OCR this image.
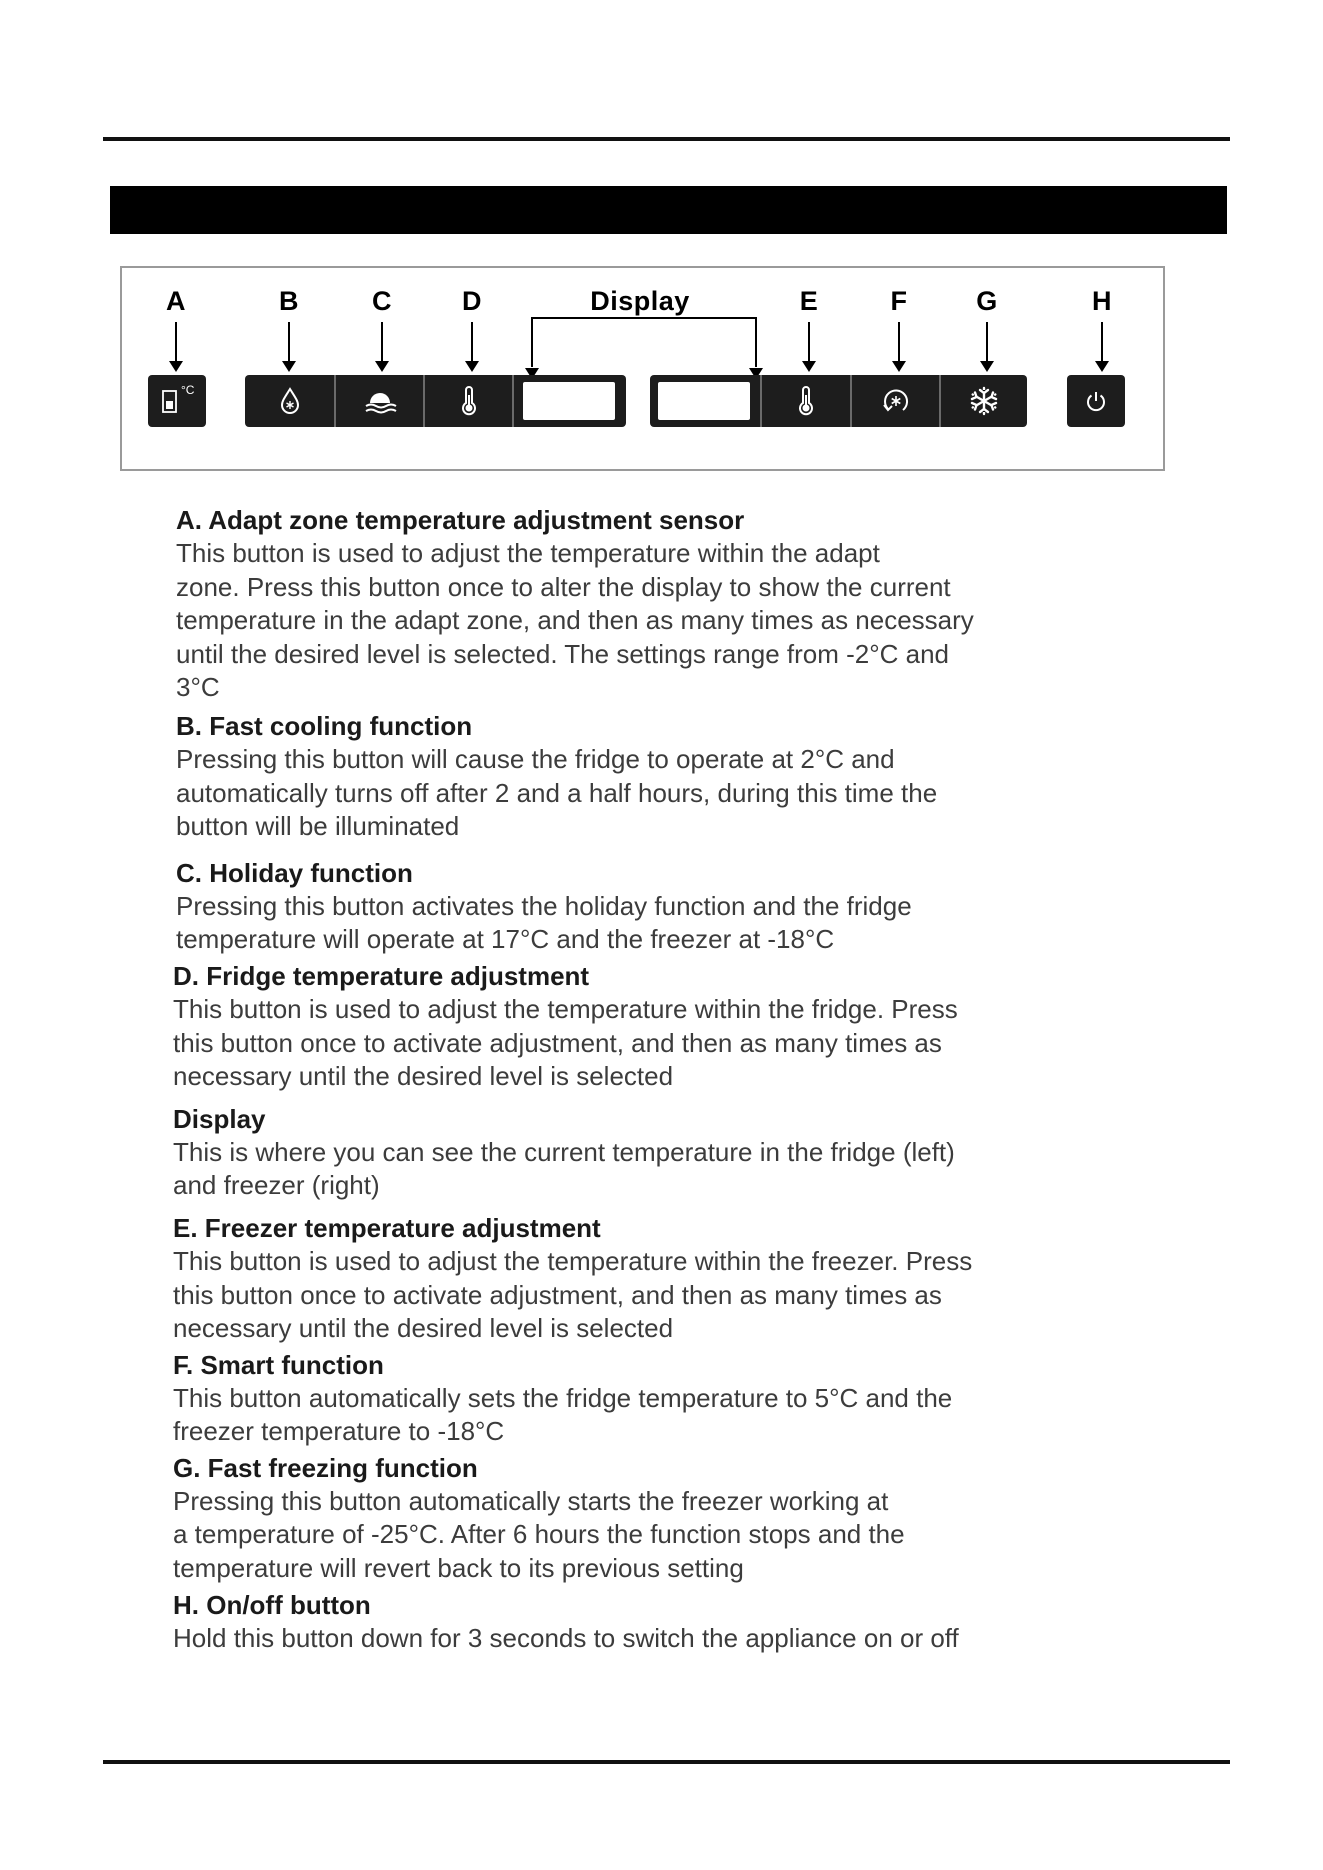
A	B	C	D	Display	E	F	G	H
°C
A. Adapt zone temperature adjustment sensor
This button is used to adjust the temperature within the adapt
zone. Press this button once to alter the display to show the current
temperature in the adapt zone, and then as many times as necessary
until the desired level is selected. The settings range from -2°C and
3°C
B. Fast cooling function
Pressing this button will cause the fridge to operate at 2°C and
automatically turns off after 2 and a half hours, during this time the
button will be illuminated
C. Holiday function
Pressing this button activates the holiday function and the fridge
temperature will operate at 17°C and the freezer at -18°C
D. Fridge temperature adjustment
This button is used to adjust the temperature within the fridge. Press
this button once to activate adjustment, and then as many times as
necessary until the desired level is selected
Display
This is where you can see the current temperature in the fridge (left)
and freezer (right)
E. Freezer temperature adjustment
This button is used to adjust the temperature within the freezer. Press
this button once to activate adjustment, and then as many times as
necessary until the desired level is selected
F. Smart function
This button automatically sets the fridge temperature to 5°C and the
freezer temperature to -18°C
G. Fast freezing function
Pressing this button automatically starts the freezer working at
a temperature of -25°C. After 6 hours the function stops and the
temperature will revert back to its previous setting
H. On/off button
Hold this button down for 3 seconds to switch the appliance on or off
